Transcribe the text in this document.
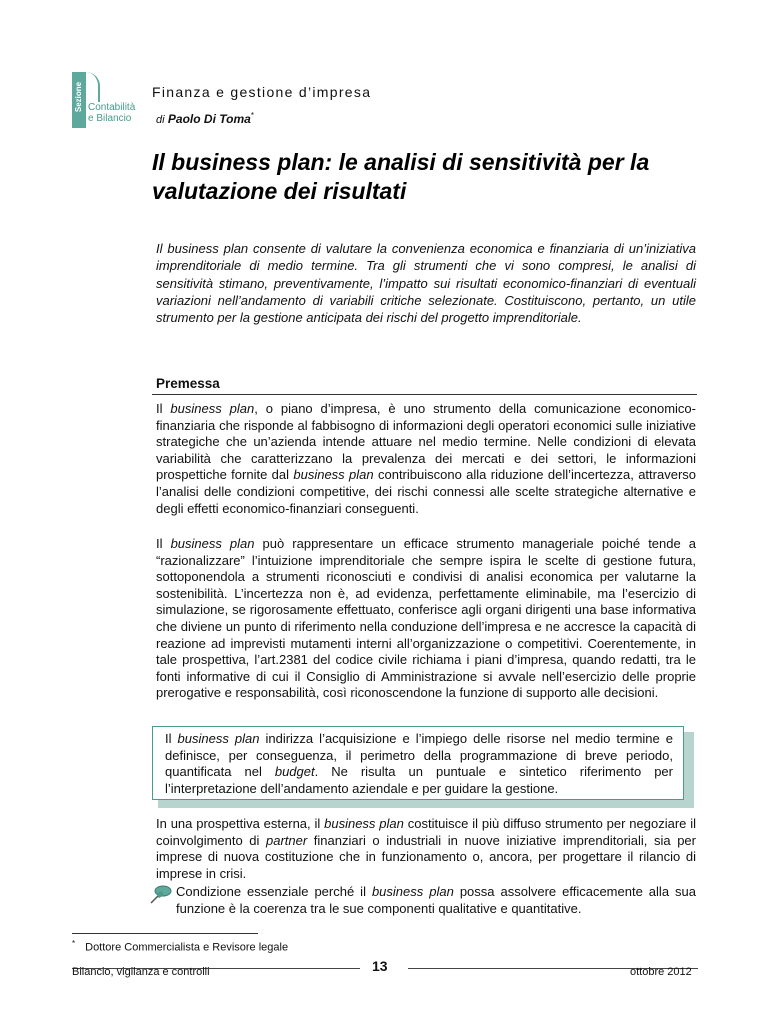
Sezione Contabilità
e Bilancio
Finanza e gestione d’impresa
di Paolo Di Toma*
Il business plan: le analisi di sensitività per la valutazione dei risultati
Il business plan consente di valutare la convenienza economica e finanziaria di un’iniziativa imprenditoriale di medio termine. Tra gli strumenti che vi sono compresi, le analisi di sensitività stimano, preventivamente, l’impatto sui risultati economico-finanziari di eventuali variazioni nell’andamento di variabili critiche selezionate. Costituiscono, pertanto, un utile strumento per la gestione anticipata dei rischi del progetto imprenditoriale.
Premessa
Il business plan, o piano d’impresa, è uno strumento della comunicazione economico-finanziaria che risponde al fabbisogno di informazioni degli operatori economici sulle iniziative strategiche che un’azienda intende attuare nel medio termine. Nelle condizioni di elevata variabilità che caratterizzano la prevalenza dei mercati e dei settori, le informazioni prospettiche fornite dal business plan contribuiscono alla riduzione dell’incertezza, attraverso l’analisi delle condizioni competitive, dei rischi connessi alle scelte strategiche alternative e degli effetti economico-finanziari conseguenti.
Il business plan può rappresentare un efficace strumento manageriale poiché tende a “razionalizzare” l’intuizione imprenditoriale che sempre ispira le scelte di gestione futura, sottoponendola a strumenti riconosciuti e condivisi di analisi economica per valutarne la sostenibilità. L’incertezza non è, ad evidenza, perfettamente eliminabile, ma l’esercizio di simulazione, se rigorosamente effettuato, conferisce agli organi dirigenti una base informativa che diviene un punto di riferimento nella conduzione dell’impresa e ne accresce la capacità di reazione ad imprevisti mutamenti interni all’organizzazione o competitivi. Coerentemente, in tale prospettiva, l’art.2381 del codice civile richiama i piani d’impresa, quando redatti, tra le fonti informative di cui il Consiglio di Amministrazione si avvale nell’esercizio delle proprie prerogative e responsabilità, così riconoscendone la funzione di supporto alle decisioni.
Il business plan indirizza l’acquisizione e l’impiego delle risorse nel medio termine e definisce, per conseguenza, il perimetro della programmazione di breve periodo, quantificata nel budget. Ne risulta un puntuale e sintetico riferimento per l’interpretazione dell’andamento aziendale e per guidare la gestione.
In una prospettiva esterna, il business plan costituisce il più diffuso strumento per negoziare il coinvolgimento di partner finanziari o industriali in nuove iniziative imprenditoriali, sia per imprese di nuova costituzione che in funzionamento o, ancora, per progettare il rilancio di imprese in crisi.
Condizione essenziale perché il business plan possa assolvere efficacemente alla sua funzione è la coerenza tra le sue componenti qualitative e quantitative.
* Dottore Commercialista e Revisore legale
Bilancio, vigilanza e controlli	13	ottobre 2012
